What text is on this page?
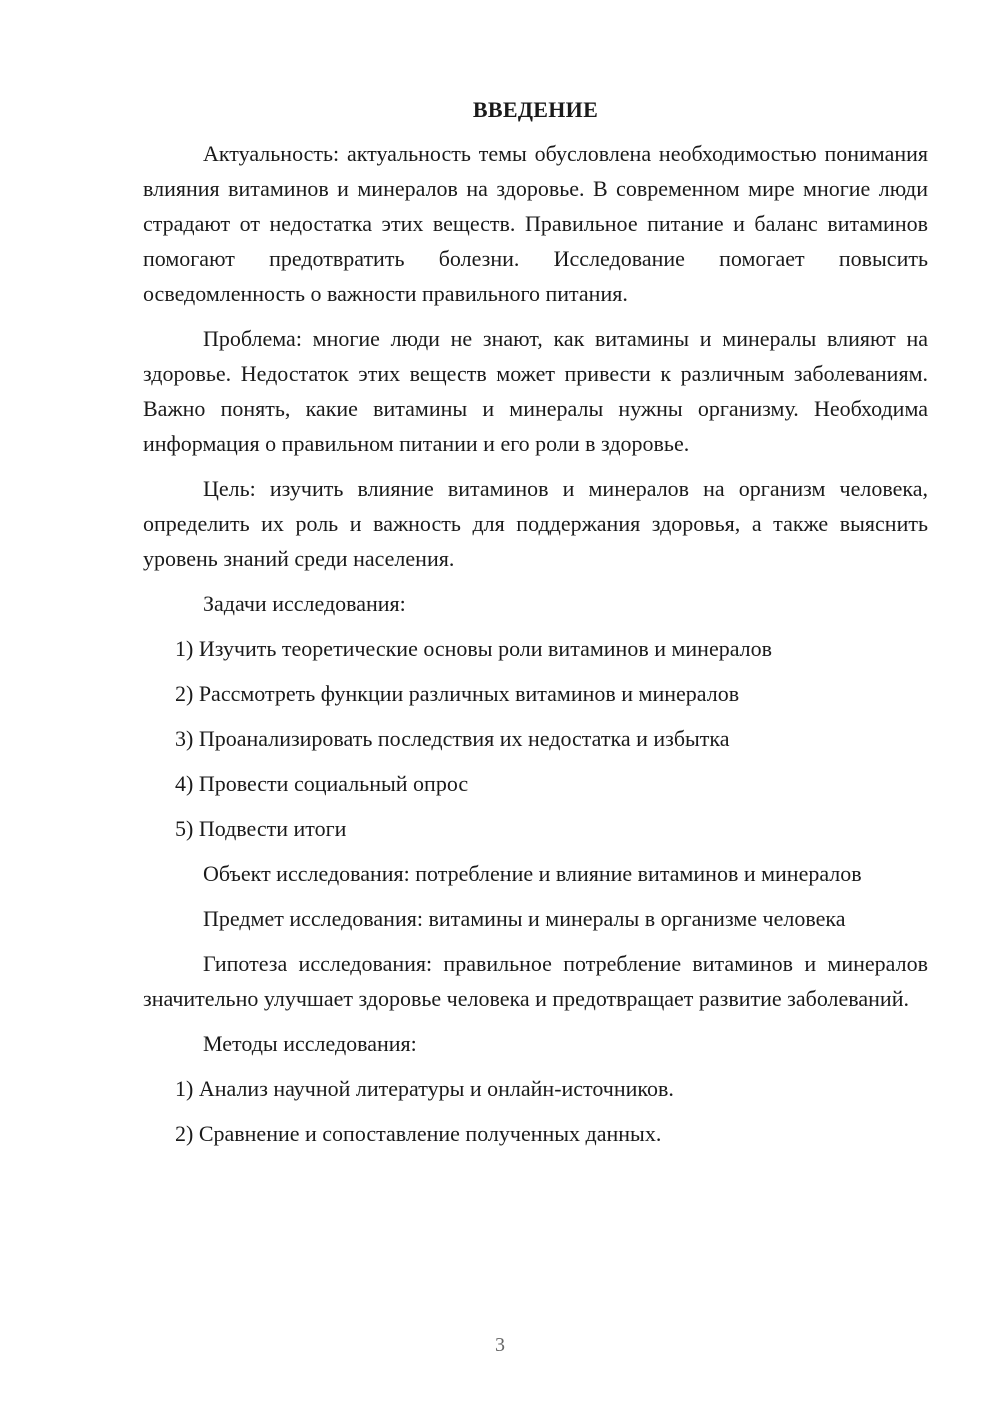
ВВЕДЕНИЕ

Актуальность: актуальность темы обусловлена необходимостью понимания влияния витаминов и минералов на здоровье. В современном мире многие люди страдают от недостатка этих веществ. Правильное питание и баланс витаминов помогают предотвратить болезни. Исследование помогает повысить осведомленность о важности правильного питания.

Проблема: многие люди не знают, как витамины и минералы влияют на здоровье. Недостаток этих веществ может привести к различным заболеваниям. Важно понять, какие витамины и минералы нужны организму. Необходима информация о правильном питании и его роли в здоровье.

Цель: изучить влияние витаминов и минералов на организм человека, определить их роль и важность для поддержания здоровья, а также выяснить уровень знаний среди населения.

Задачи исследования:
1) Изучить теоретические основы роли витаминов и минералов
2) Рассмотреть функции различных витаминов и минералов
3) Проанализировать последствия их недостатка и избытка
4) Провести социальный опрос
5) Подвести итоги

Объект исследования: потребление и влияние витаминов и минералов

Предмет исследования: витамины и минералы в организме человека

Гипотеза исследования: правильное потребление витаминов и минералов значительно улучшает здоровье человека и предотвращает развитие заболеваний.

Методы исследования:
1) Анализ научной литературы и онлайн-источников.
2) Сравнение и сопоставление полученных данных.
3
